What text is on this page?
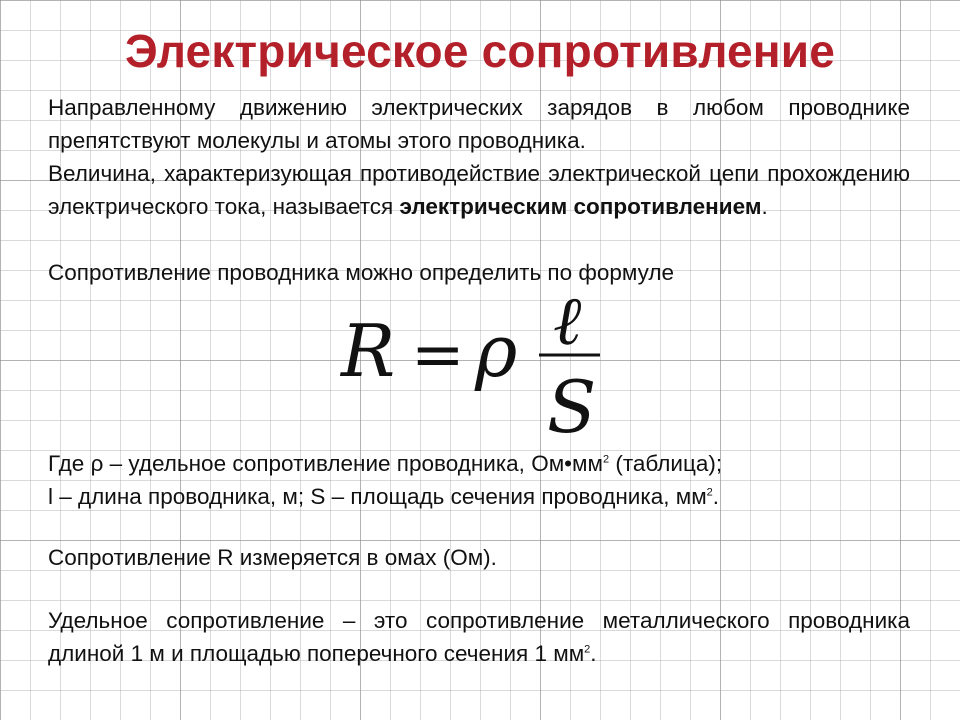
Электрическое сопротивление
Направленному движению электрических зарядов в любом проводнике препятствуют молекулы и атомы этого проводника.
Величина, характеризующая противодействие электрической цепи прохождению электрического тока, называется электрическим сопротивлением.
Сопротивление проводника можно определить по формуле
R = ρ ℓ
S
Где ρ – удельное сопротивление проводника, $Ом•мм^2$ (таблица);
l – длина проводника, м; S – площадь сечения проводника, $мм^2$.
Сопротивление R измеряется в омах (Ом).
Удельное сопротивление – это сопротивление металлического проводника длиной 1 м и площадью поперечного сечения 1 $мм^2$.
